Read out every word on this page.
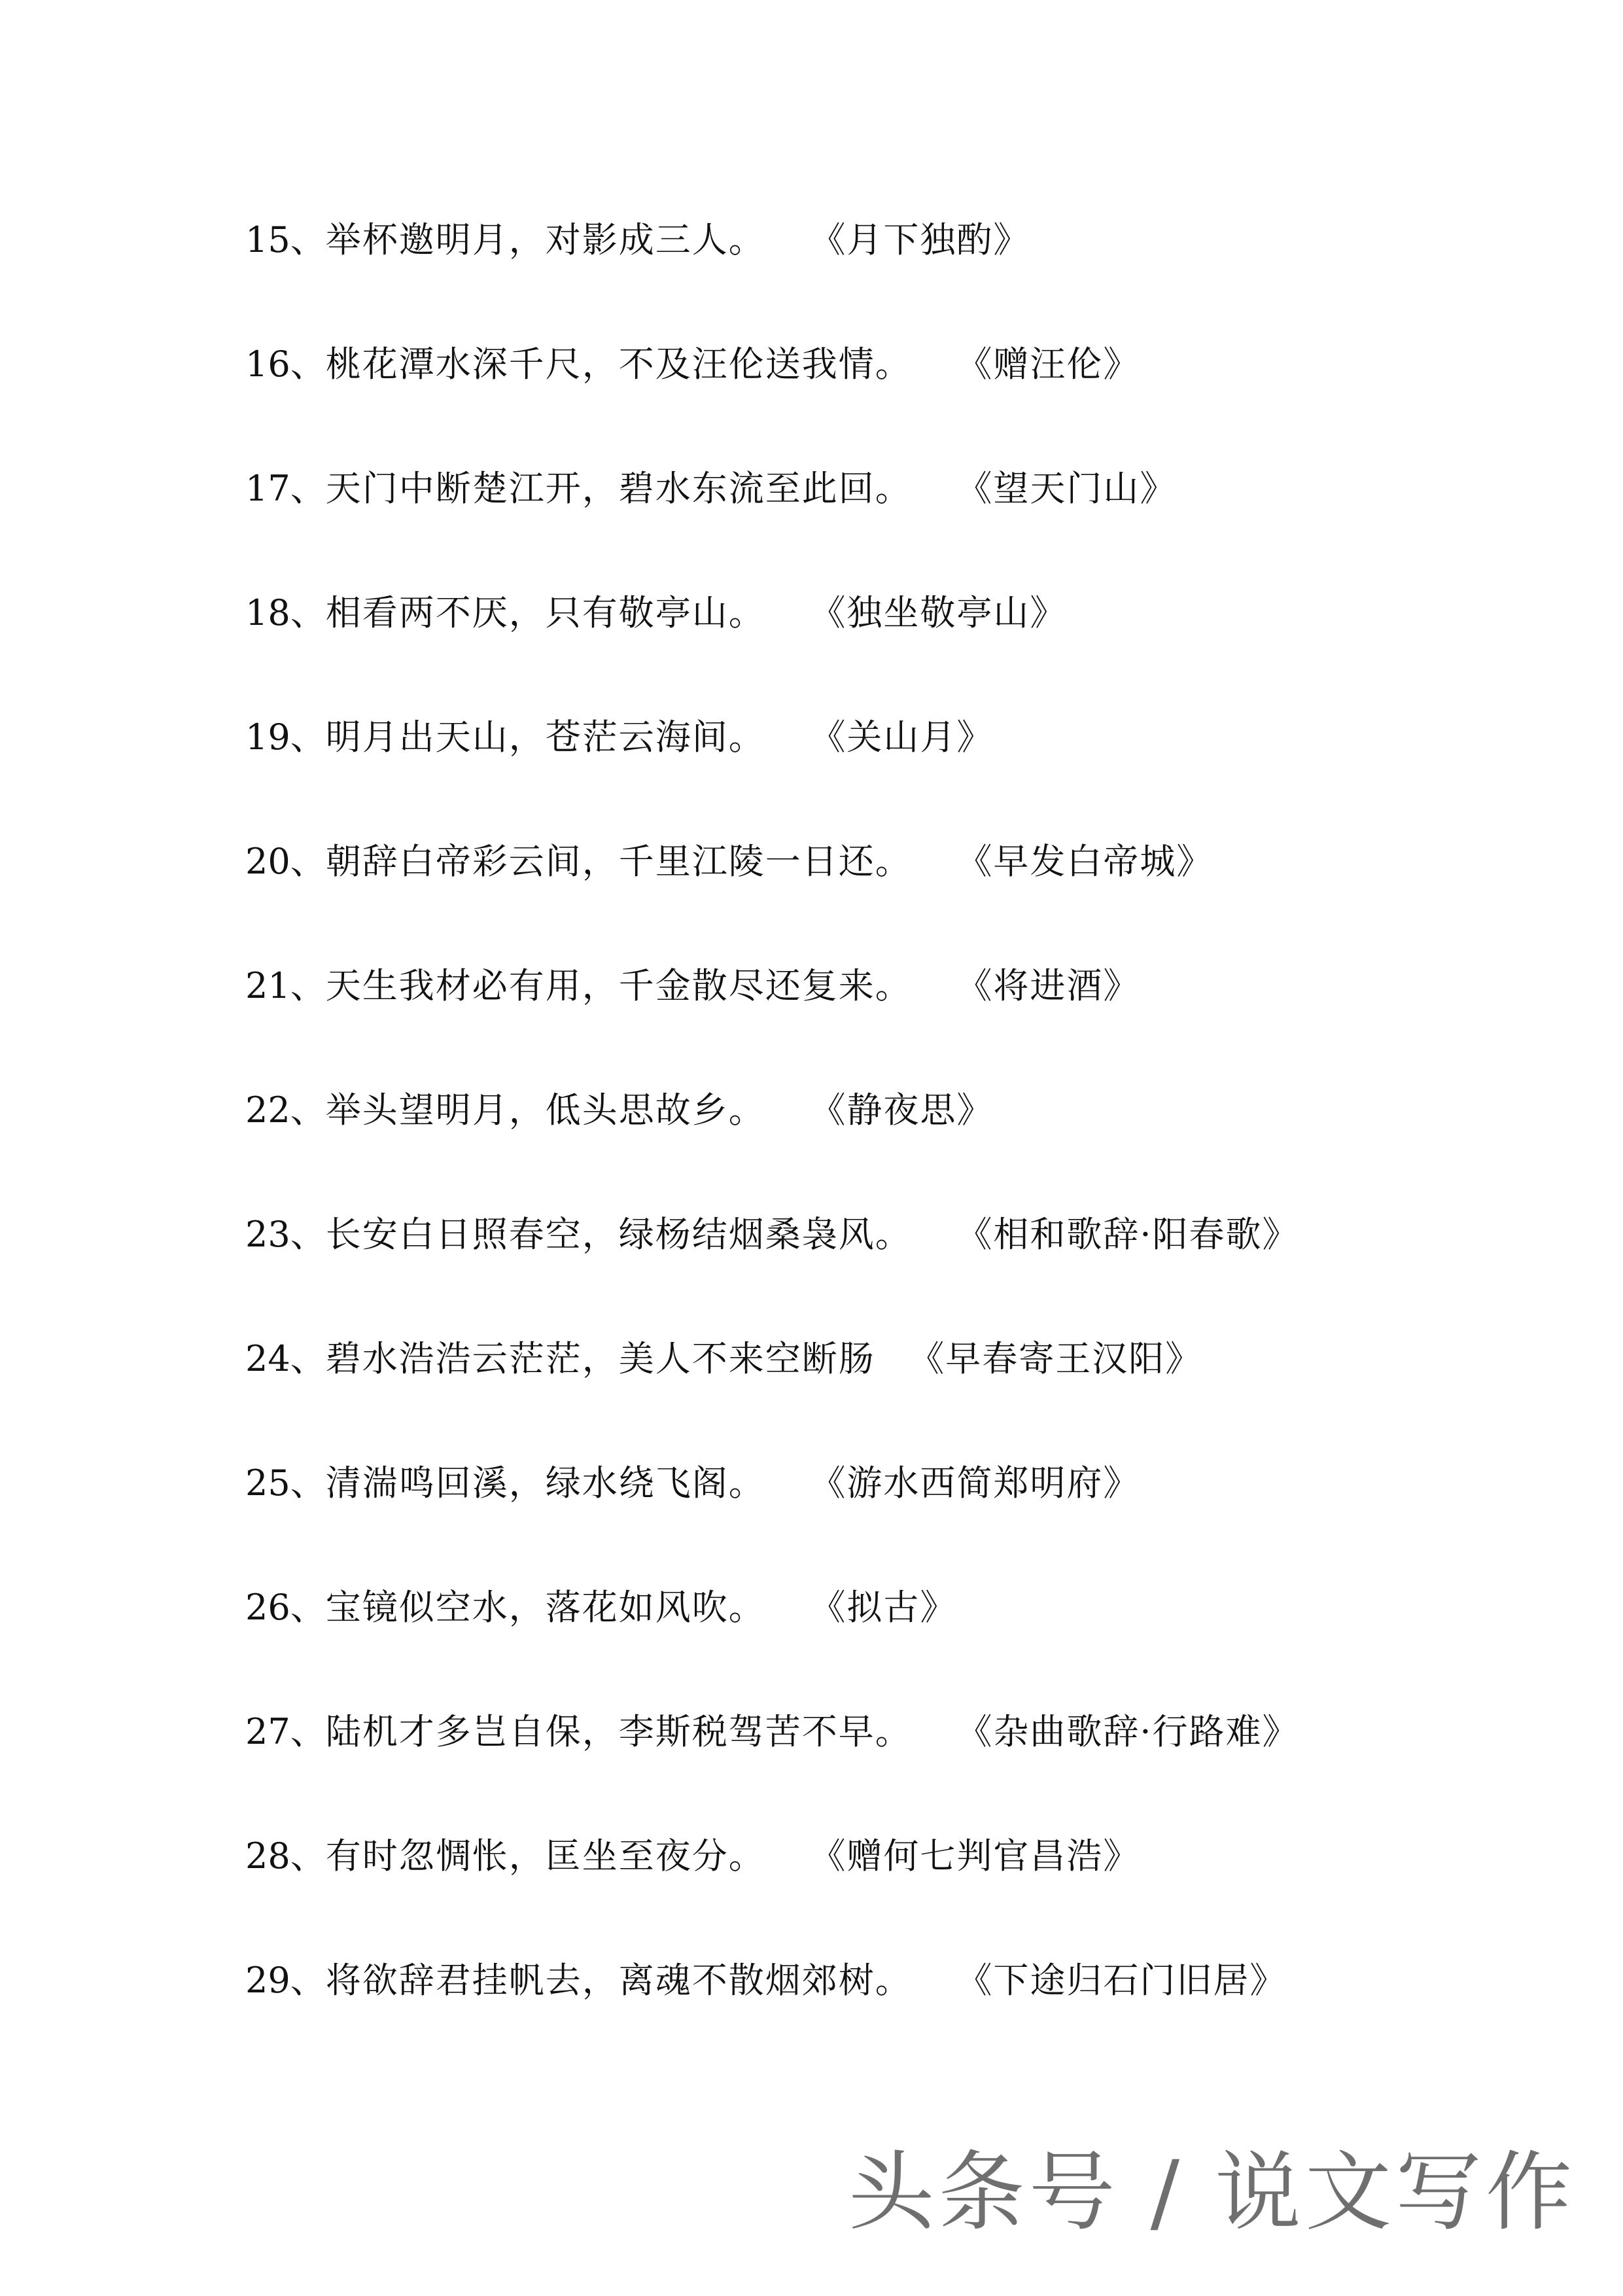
15、举杯邀明月，对影成三人。 《月下独酌》
16、桃花潭水深千尺，不及汪伦送我情。 《赠汪伦》
17、天门中断楚江开，碧水东流至此回。 《望天门山》
18、相看两不厌，只有敬亭山。 《独坐敬亭山》
19、明月出天山，苍茫云海间。 《关山月》
20、朝辞白帝彩云间，千里江陵一日还。 《早发白帝城》
21、天生我材必有用，千金散尽还复来。 《将进酒》
22、举头望明月，低头思故乡。 《静夜思》
23、长安白日照春空，绿杨结烟桑袅风。 《相和歌辞·阳春歌》
24、碧水浩浩云茫茫，美人不来空断肠 《早春寄王汉阳》
25、清湍鸣回溪，绿水绕飞阁。 《游水西简郑明府》
26、宝镜似空水，落花如风吹。 《拟古》
27、陆机才多岂自保，李斯税驾苦不早。 《杂曲歌辞·行路难》
28、有时忽惆怅，匡坐至夜分。 《赠何七判官昌浩》
29、将欲辞君挂帆去，离魂不散烟郊树。 《下途归石门旧居》
头条号 / 说文写作
